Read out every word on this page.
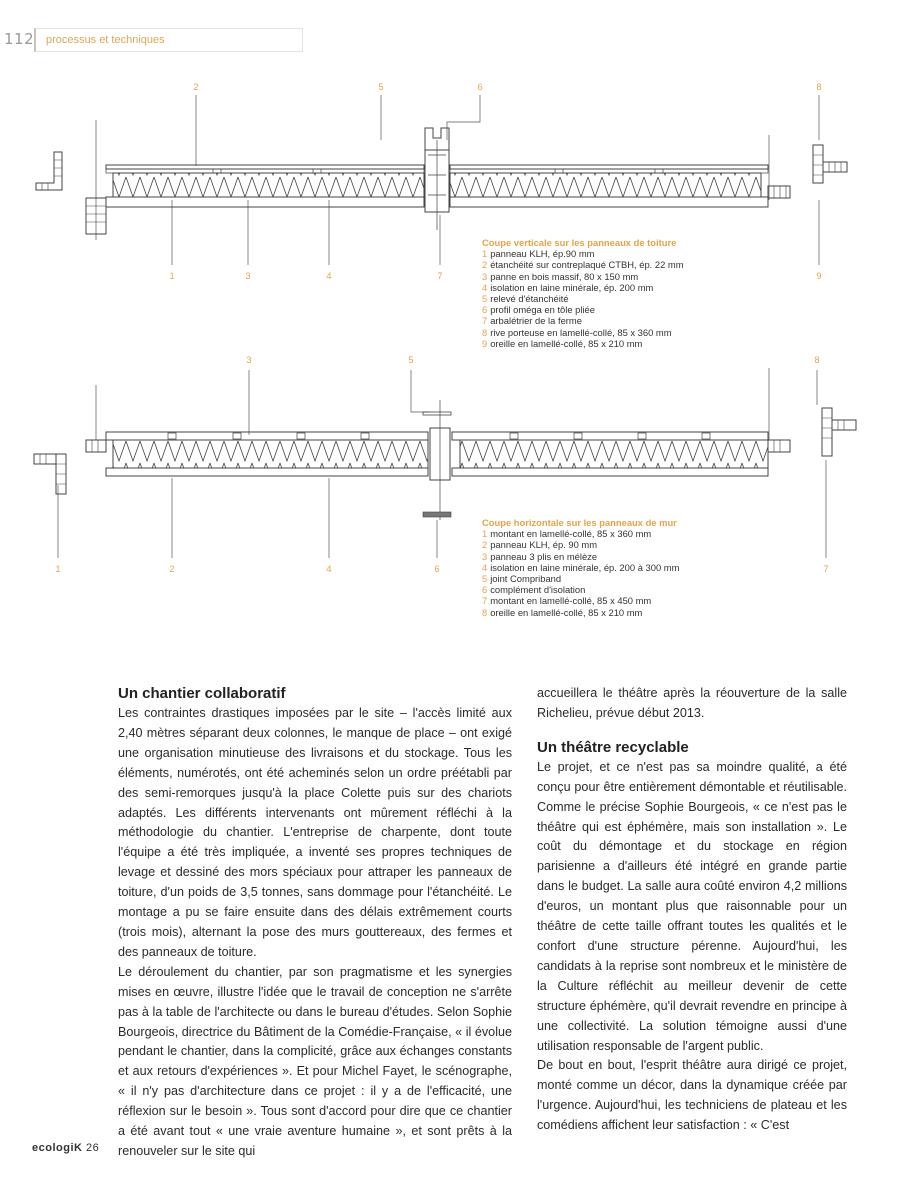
112 processus et techniques
2	5	6	8
1	3	4	7	9
3	5	8
1	2	4	6	7
Coupe verticale sur les panneaux de toiture
1 panneau KLH, ép.90 mm
2 étanchéité sur contreplaqué CTBH, ép. 22 mm
3 panne en bois massif, 80 x 150 mm
4 isolation en laine minérale, ép. 200 mm
5 relevé d'étanchéité
6 profil oméga en tôle pliée
7 arbalétrier de la ferme
8 rive porteuse en lamellé-collé, 85 x 360 mm
9 oreille en lamellé-collé, 85 x 210 mm
Coupe horizontale sur les panneaux de mur
1 montant en lamellé-collé, 85 x 360 mm
2 panneau KLH, ép. 90 mm
3 panneau 3 plis en mélèze
4 isolation en laine minérale, ép. 200 à 300 mm
5 joint Compriband
6 complément d'isolation
7 montant en lamellé-collé, 85 x 450 mm
8 oreille en lamellé-collé, 85 x 210 mm
Un chantier collaboratif

Les contraintes drastiques imposées par le site – l'accès limité aux 2,40 mètres séparant deux colonnes, le manque de place – ont exigé une organisation minutieuse des livraisons et du stockage. Tous les éléments, numérotés, ont été acheminés selon un ordre préétabli par des semi-remorques jusqu'à la place Colette puis sur des chariots adaptés. Les différents intervenants ont mûrement réfléchi à la méthodologie du chantier. L'entreprise de charpente, dont toute l'équipe a été très impliquée, a inventé ses propres techniques de levage et dessiné des mors spéciaux pour attraper les panneaux de toiture, d'un poids de 3,5 tonnes, sans dommage pour l'étanchéité. Le montage a pu se faire ensuite dans des délais extrêmement courts (trois mois), alternant la pose des murs gouttereaux, des fermes et des panneaux de toiture.

Le déroulement du chantier, par son pragmatisme et les synergies mises en œuvre, illustre l'idée que le travail de conception ne s'arrête pas à la table de l'architecte ou dans le bureau d'études. Selon Sophie Bourgeois, directrice du Bâtiment de la Comédie-Française, « il évolue pendant le chantier, dans la complicité, grâce aux échanges constants et aux retours d'expériences ». Et pour Michel Fayet, le scénographe, « il n'y pas d'architecture dans ce projet : il y a de l'efficacité, une réflexion sur le besoin ». Tous sont d'accord pour dire que ce chantier a été avant tout « une vraie aventure humaine », et sont prêts à la renouveler sur le site qui

accueillera le théâtre après la réouverture de la salle Richelieu, prévue début 2013.

Un théâtre recyclable

Le projet, et ce n'est pas sa moindre qualité, a été conçu pour être entièrement démontable et réutilisable. Comme le précise Sophie Bourgeois, « ce n'est pas le théâtre qui est éphémère, mais son installation ». Le coût du démontage et du stockage en région parisienne a d'ailleurs été intégré en grande partie dans le budget. La salle aura coûté environ 4,2 millions d'euros, un montant plus que raisonnable pour un théâtre de cette taille offrant toutes les qualités et le confort d'une structure pérenne. Aujourd'hui, les candidats à la reprise sont nombreux et le ministère de la Culture réfléchit au meilleur devenir de cette structure éphémère, qu'il devrait revendre en principe à une collectivité. La solution témoigne aussi d'une utilisation responsable de l'argent public.

De bout en bout, l'esprit théâtre aura dirigé ce projet, monté comme un décor, dans la dynamique créée par l'urgence. Aujourd'hui, les techniciens de plateau et les comédiens affichent leur satisfaction : « C'est

ecologiK 26
